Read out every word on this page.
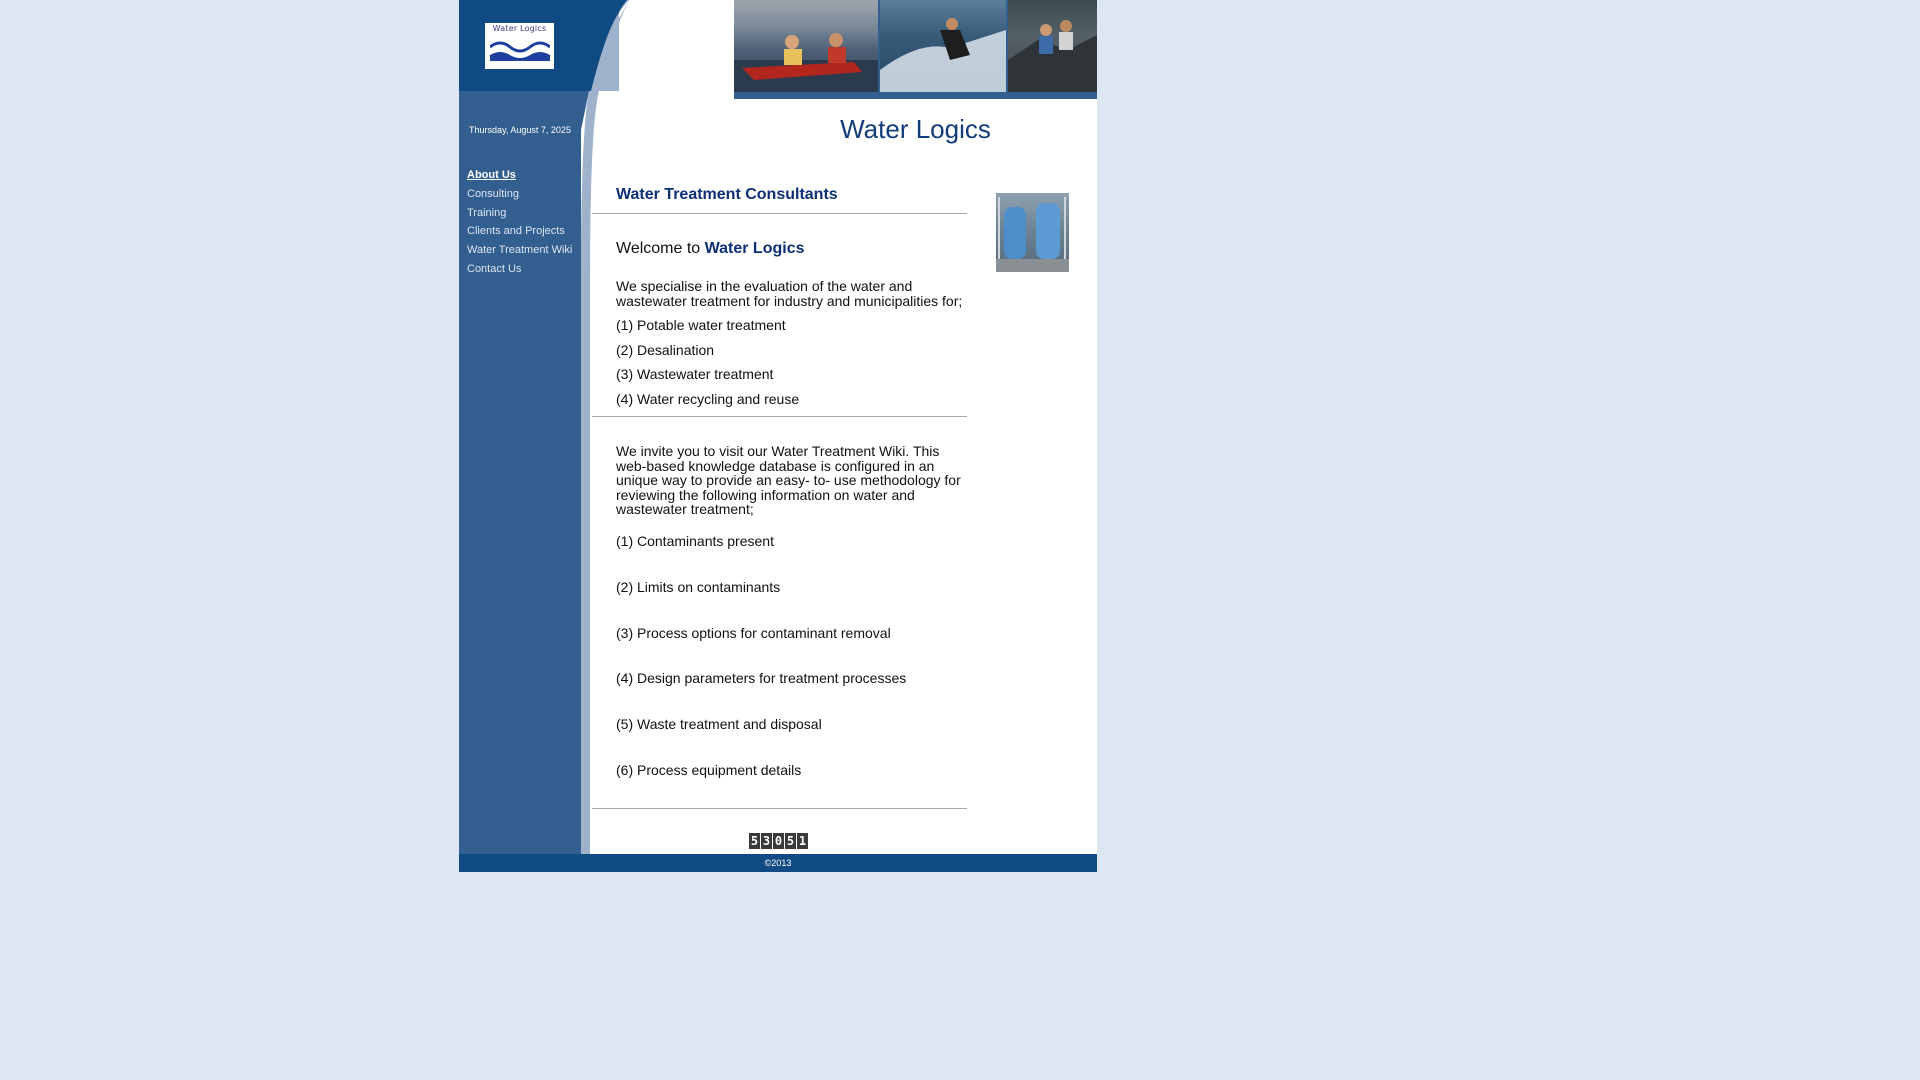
Water Logics
Thursday, August 7, 2025
About Us
Consulting
Training
Clients and Projects
Water Treatment Wiki
Contact Us
Water Logics
Water Treatment Consultants
Welcome to Water Logics
We specialise in the evaluation of the water and wastewater treatment for industry and municipalities for;
(1) Potable water treatment
(2) Desalination
(3) Wastewater treatment
(4) Water recycling and reuse
We invite you to visit our Water Treatment Wiki. This web-based knowledge database is configured in an unique way to provide an easy- to- use methodology for reviewing the following information on water and wastewater treatment;
(1) Contaminants present
(2) Limits on contaminants
(3) Process options for contaminant removal
(4) Design parameters for treatment processes
(5) Waste treatment and disposal
(6) Process equipment details
5 3 0 5 1
©2013
